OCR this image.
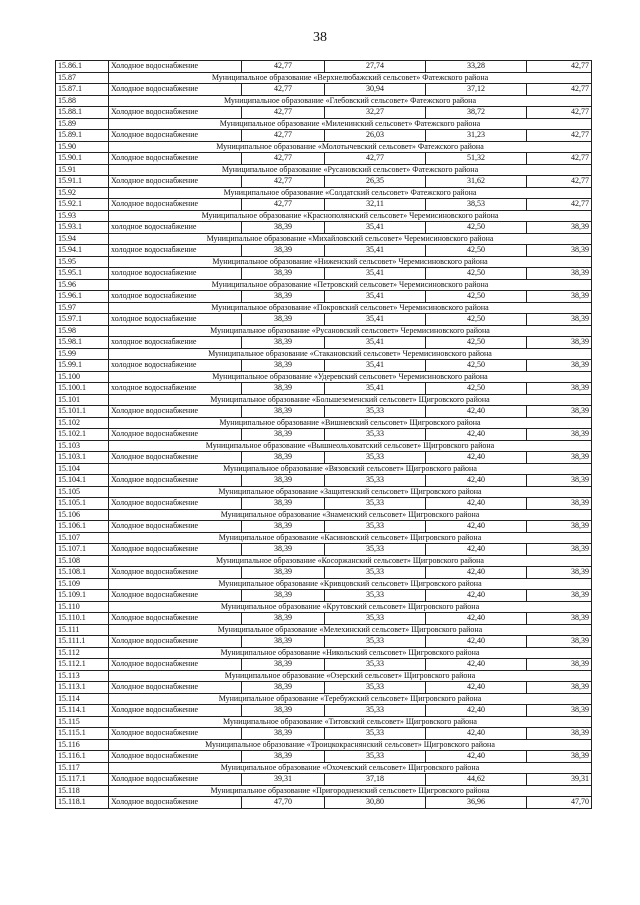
38
15.86.1	Холодное водоснабжение	42,77	27,74	33,28	42,77
15.87	Муниципальное образование «Верхнелюбажский сельсовет» Фатежского района				
15.87.1	Холодное водоснабжение	42,77	30,94	37,12	42,77
15.88	Муниципальное образование «Глебовский сельсовет» Фатежского района				
15.88.1	Холодное водоснабжение	42,77	32,27	38,72	42,77
15.89	Муниципальное образование «Миленинский сельсовет» Фатежского района				
15.89.1	Холодное водоснабжение	42,77	26,03	31,23	42,77
15.90	Муниципальное образование «Молотычевский сельсовет» Фатежского района				
15.90.1	Холодное водоснабжение	42,77	42,77	51,32	42,77
15.91	Муниципальное образование «Русановский сельсовет» Фатежского района				
15.91.1	Холодное водоснабжение	42,77	26,35	31,62	42,77
15.92	Муниципальное образование «Солдатский сельсовет» Фатежского района				
15.92.1	Холодное водоснабжение	42,77	32,11	38,53	42,77
15.93	Муниципальное образование «Краснополянский сельсовет» Черемисиновского района				
15.93.1	холодное водоснабжение	38,39	35,41	42,50	38,39
15.94	Муниципальное образование «Михайловский сельсовет» Черемисиновского района				
15.94.1	холодное водоснабжение	38,39	35,41	42,50	38,39
15.95	Муниципальное образование «Ниженский сельсовет» Черемисиновского района				
15.95.1	холодное водоснабжение	38,39	35,41	42,50	38,39
15.96	Муниципальное образование «Петровский сельсовет» Черемисиновского района				
15.96.1	холодное водоснабжение	38,39	35,41	42,50	38,39
15.97	Муниципальное образование «Покровский сельсовет» Черемисиновского района				
15.97.1	холодное водоснабжение	38,39	35,41	42,50	38,39
15.98	Муниципальное образование «Русановский сельсовет» Черемисиновского района				
15.98.1	холодное водоснабжение	38,39	35,41	42,50	38,39
15.99	Муниципальное образование «Стакановский сельсовет» Черемисиновского района				
15.99.1	холодное водоснабжение	38,39	35,41	42,50	38,39
15.100	Муниципальное образование «Удеревский сельсовет» Черемисиновского района				
15.100.1	холодное водоснабжение	38,39	35,41	42,50	38,39
15.101	Муниципальное образование «Большеземенский сельсовет» Щигровского района				
15.101.1	Холодное водоснабжение	38,39	35,33	42,40	38,39
15.102	Муниципальное образование «Вишневский сельсовет» Щигровского района				
15.102.1	Холодное водоснабжение	38,39	35,33	42,40	38,39
15.103	Муниципальное образование «Вышнеольховатский сельсовет» Щигровского района				
15.103.1	Холодное водоснабжение	38,39	35,33	42,40	38,39
15.104	Муниципальное образование «Вязовский сельсовет» Щигровского района				
15.104.1	Холодное водоснабжение	38,39	35,33	42,40	38,39
15.105	Муниципальное образование «Защитенский сельсовет» Щигровского района				
15.105.1	Холодное водоснабжение	38,39	35,33	42,40	38,39
15.106	Муниципальное образование «Знаменский сельсовет» Щигровского района				
15.106.1	Холодное водоснабжение	38,39	35,33	42,40	38,39
15.107	Муниципальное образование «Касиновский сельсовет» Щигровского района				
15.107.1	Холодное водоснабжение	38,39	35,33	42,40	38,39
15.108	Муниципальное образование «Косоржанский сельсовет» Щигровского района				
15.108.1	Холодное водоснабжение	38,39	35,33	42,40	38,39
15.109	Муниципальное образование «Кривцовский сельсовет» Щигровского района				
15.109.1	Холодное водоснабжение	38,39	35,33	42,40	38,39
15.110	Муниципальное образование «Крутовский сельсовет» Щигровского района				
15.110.1	Холодное водоснабжение	38,39	35,33	42,40	38,39
15.111	Муниципальное образование «Мелехинский сельсовет» Щигровского района				
15.111.1	Холодное водоснабжение	38,39	35,33	42,40	38,39
15.112	Муниципальное образование «Никольский сельсовет» Щигровского района				
15.112.1	Холодное водоснабжение	38,39	35,33	42,40	38,39
15.113	Муниципальное образование «Озерский сельсовет» Щигровского района				
15.113.1	Холодное водоснабжение	38,39	35,33	42,40	38,39
15.114	Муниципальное образование «Теребужский сельсовет» Щигровского района				
15.114.1	Холодное водоснабжение	38,39	35,33	42,40	38,39
15.115	Муниципальное образование «Титовский сельсовет» Щигровского района				
15.115.1	Холодное водоснабжение	38,39	35,33	42,40	38,39
15.116	Муниципальное образование «Троицкокраснянский сельсовет» Щигровского района				
15.116.1	Холодное водоснабжение	38,39	35,33	42,40	38,39
15.117	Муниципальное образование «Охочевский сельсовет» Щигровского района				
15.117.1	Холодное водоснабжение	39,31	37,18	44,62	39,31
15.118	Муниципальное образование «Пригородненский сельсовет» Щигровского района				
15.118.1	Холодное водоснабжение	47,70	30,80	36,96	47,70
